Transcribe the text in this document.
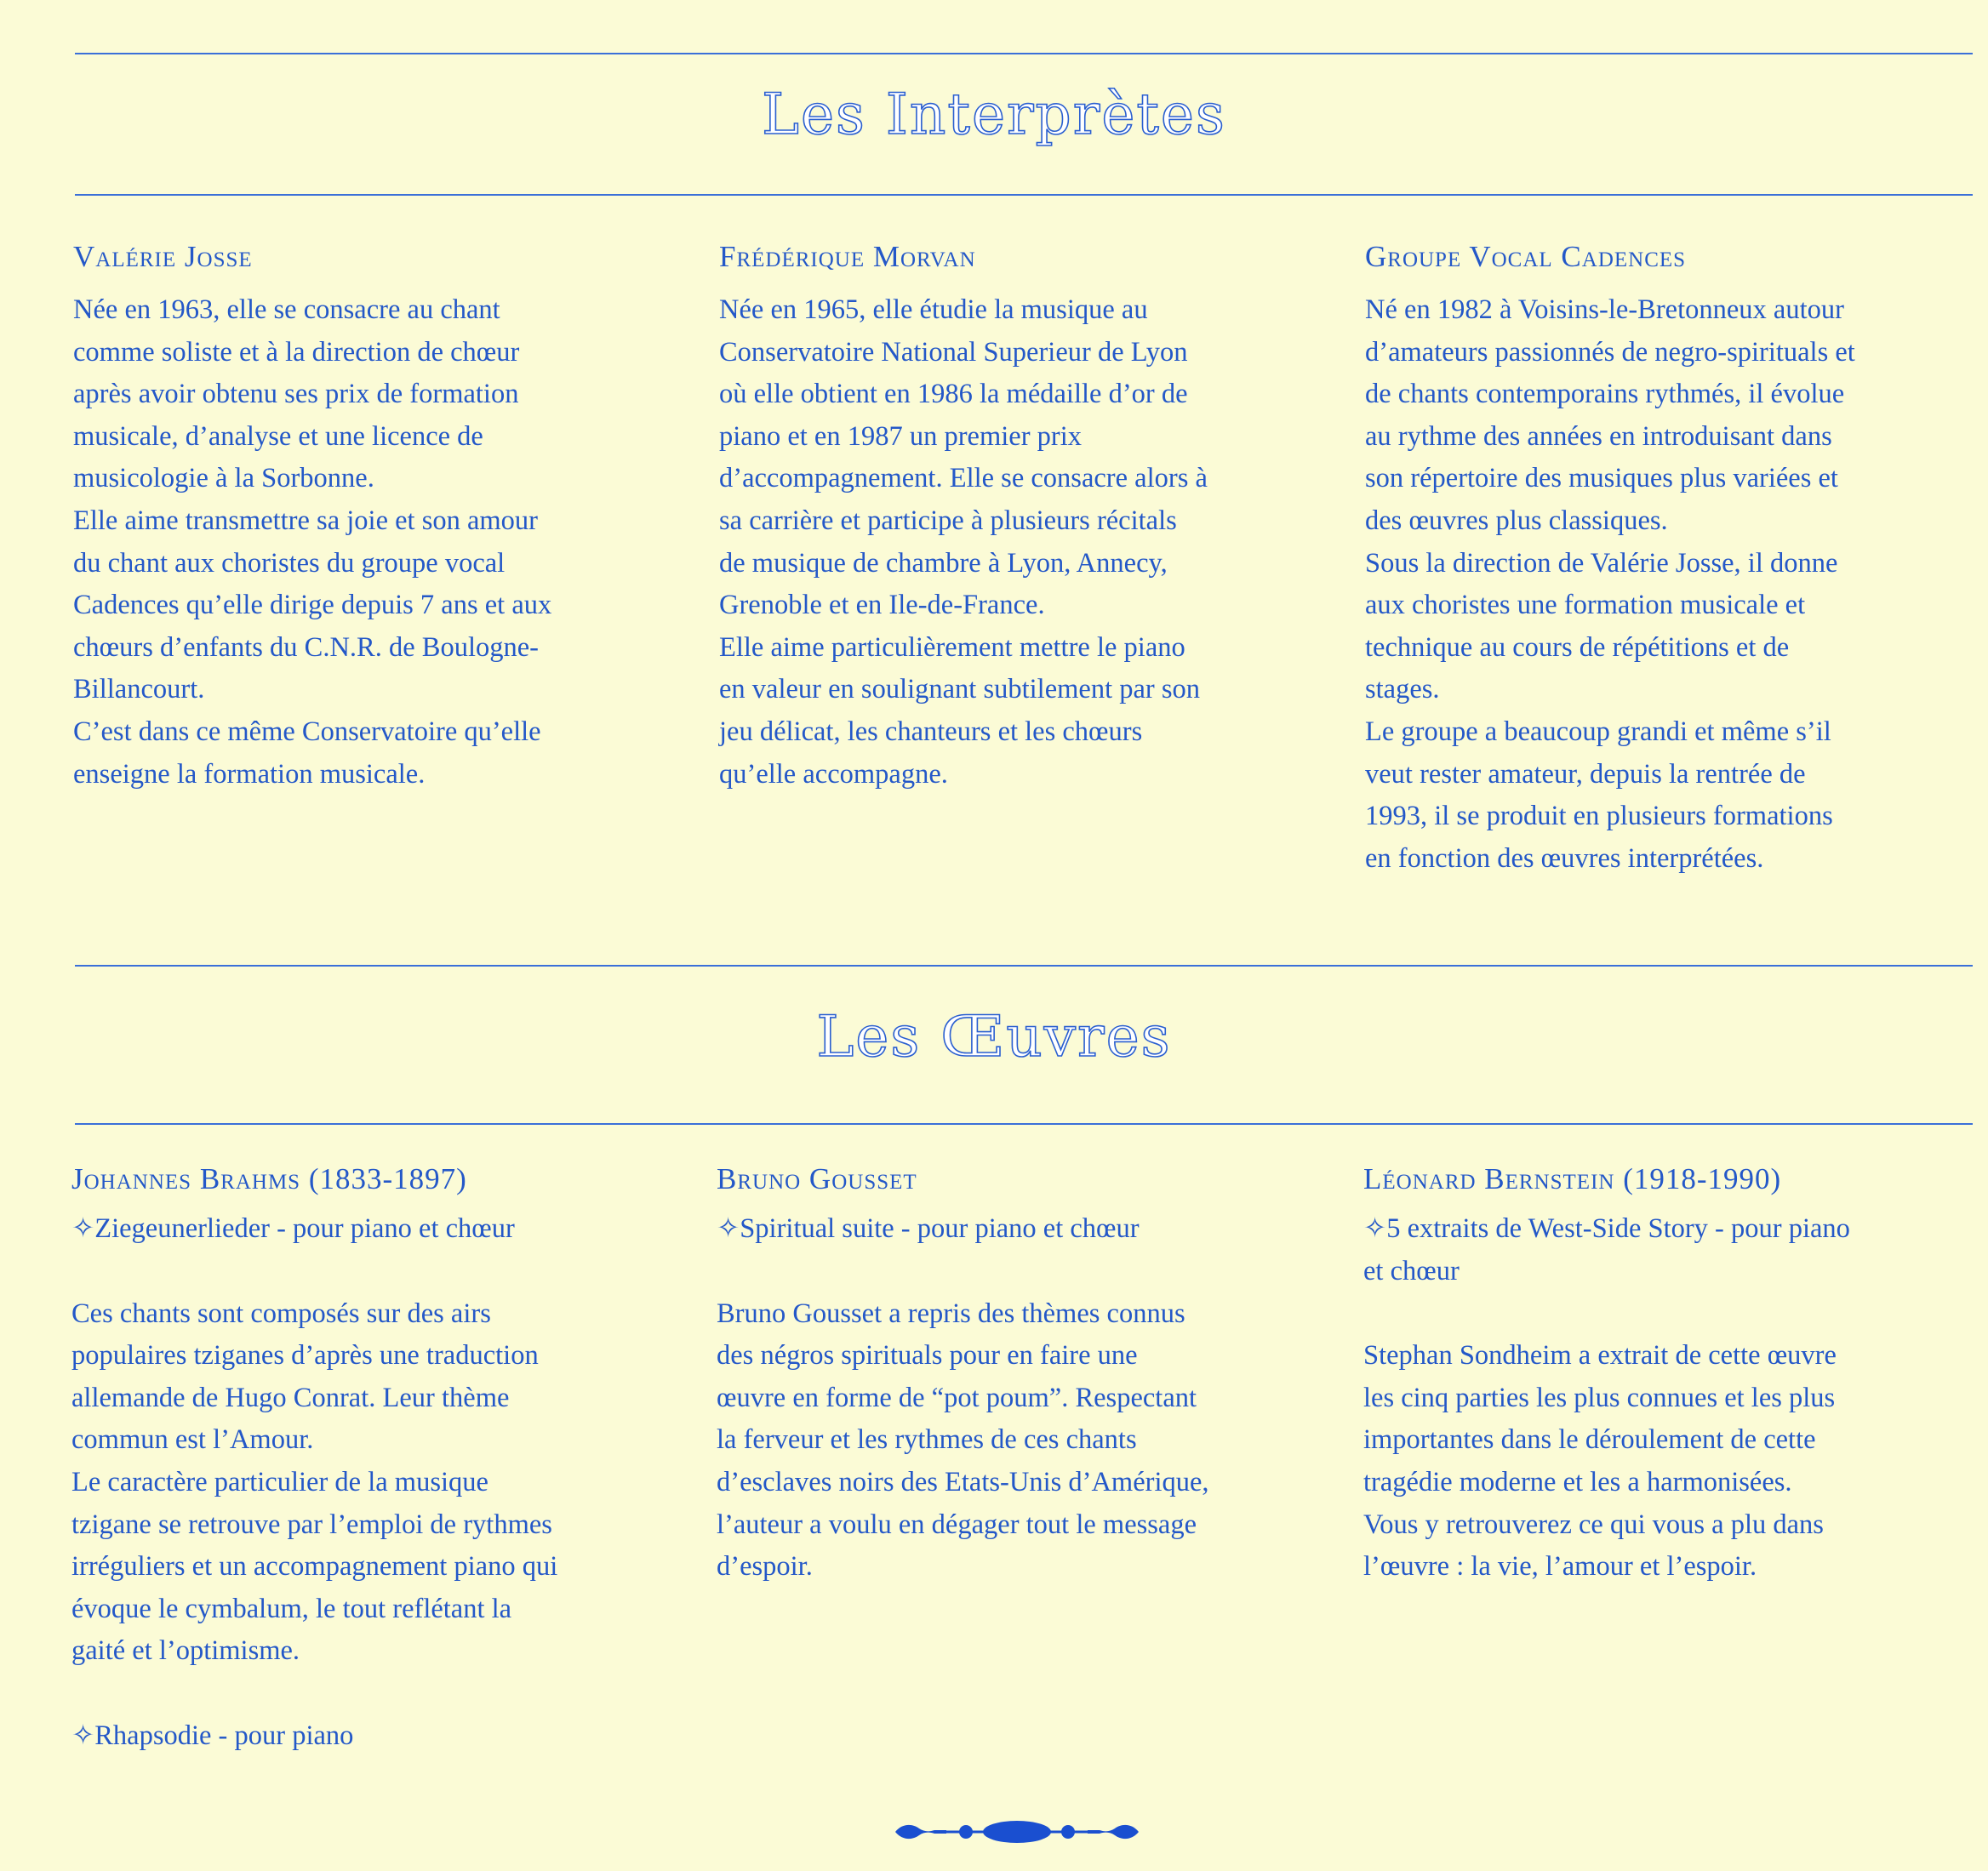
Les Interprètes
Valérie Josse

Née en 1963, elle se consacre au chant
comme soliste et à la direction de chœur
après avoir obtenu ses prix de formation
musicale, d’analyse et une licence de
musicologie à la Sorbonne.
Elle aime transmettre sa joie et son amour
du chant aux choristes du groupe vocal
Cadences qu’elle dirige depuis 7 ans et aux
chœurs d’enfants du C.N.R. de Boulogne-
Billancourt.
C’est dans ce même Conservatoire qu’elle
enseigne la formation musicale.

Frédérique Morvan

Née en 1965, elle étudie la musique au
Conservatoire National Superieur de Lyon
où elle obtient en 1986 la médaille d’or de
piano et en 1987 un premier prix
d’accompagnement. Elle se consacre alors à
sa carrière et participe à plusieurs récitals
de musique de chambre à Lyon, Annecy,
Grenoble et en Ile-de-France.
Elle aime particulièrement mettre le piano
en valeur en soulignant subtilement par son
jeu délicat, les chanteurs et les chœurs
qu’elle accompagne.

Groupe Vocal Cadences

Né en 1982 à Voisins-le-Bretonneux autour
d’amateurs passionnés de negro-spirituals et
de chants contemporains rythmés, il évolue
au rythme des années en introduisant dans
son répertoire des musiques plus variées et
des œuvres plus classiques.
Sous la direction de Valérie Josse, il donne
aux choristes une formation musicale et
technique au cours de répétitions et de
stages.
Le groupe a beaucoup grandi et même s’il
veut rester amateur, depuis la rentrée de
1993, il se produit en plusieurs formations
en fonction des œuvres interprétées.

Les Œuvres
Johannes Brahms (1833-1897)

✧Ziegeunerlieder - pour piano et chœur

Ces chants sont composés sur des airs
populaires tziganes d’après une traduction
allemande de Hugo Conrat. Leur thème
commun est l’Amour.
Le caractère particulier de la musique
tzigane se retrouve par l’emploi de rythmes
irréguliers et un accompagnement piano qui
évoque le cymbalum, le tout reflétant la
gaité et l’optimisme.

✧Rhapsodie - pour piano

Bruno Gousset

✧Spiritual suite - pour piano et chœur

Bruno Gousset a repris des thèmes connus
des négros spirituals pour en faire une
œuvre en forme de “pot poum”. Respectant
la ferveur et les rythmes de ces chants
d’esclaves noirs des Etats-Unis d’Amérique,
l’auteur a voulu en dégager tout le message
d’espoir.

Léonard Bernstein (1918-1990)

✧5 extraits de West-Side Story - pour piano
et chœur

Stephan Sondheim a extrait de cette œuvre
les cinq parties les plus connues et les plus
importantes dans le déroulement de cette
tragédie moderne et les a harmonisées.
Vous y retrouverez ce qui vous a plu dans
l’œuvre : la vie, l’amour et l’espoir.
